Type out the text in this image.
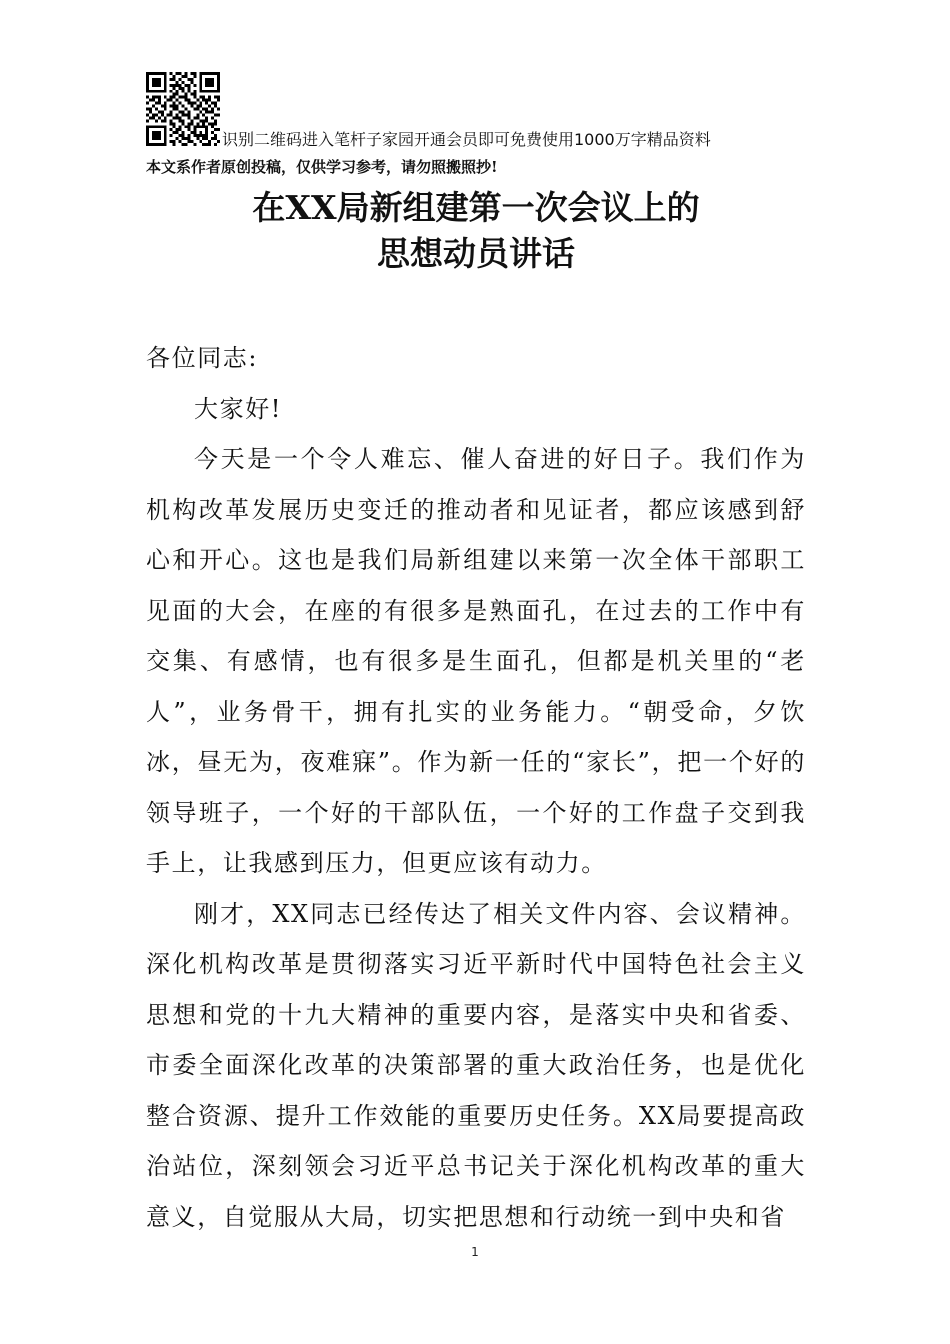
识别二维码进入笔杆子家园开通会员即可免费使用1000万字精品资料
本文系作者原创投稿，仅供学习参考，请勿照搬照抄!
在XX局新组建第一次会议上的
思想动员讲话

各位同志:

大家好!

今天是一个令人难忘、催人奋进的好日子。我们作为机构改革发展历史变迁的推动者和见证者，都应该感到舒心和开心。这也是我们局新组建以来第一次全体干部职工见面的大会，在座的有很多是熟面孔，在过去的工作中有交集、有感情，也有很多是生面孔，但都是机关里的“老人”，业务骨干，拥有扎实的业务能力。“朝受命，夕饮冰，昼无为，夜难寐”。作为新一任的“家长”，把一个好的领导班子，一个好的干部队伍，一个好的工作盘子交到我手上，让我感到压力，但更应该有动力。

刚才，XX同志已经传达了相关文件内容、会议精神。深化机构改革是贯彻落实习近平新时代中国特色社会主义思想和党的十九大精神的重要内容，是落实中央和省委、市委全面深化改革的决策部署的重大政治任务，也是优化整合资源、提升工作效能的重要历史任务。XX局要提高政治站位，深刻领会习近平总书记关于深化机构改革的重大意义，自觉服从大局，切实把思想和行动统一到中央和省

1
